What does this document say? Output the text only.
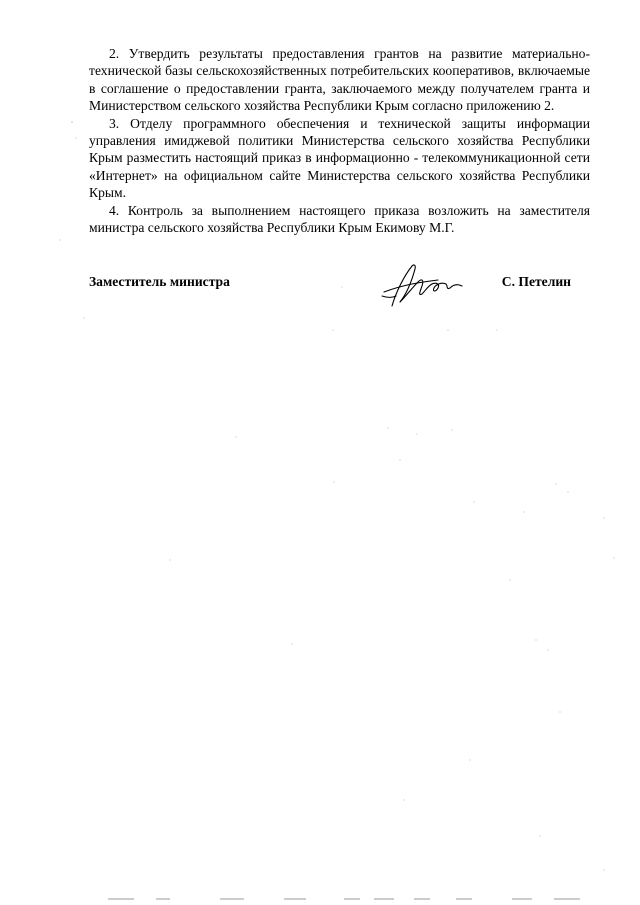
2. Утвердить результаты предоставления грантов на развитие материально-технической базы сельскохозяйственных потребительских кооперативов, включаемые в соглашение о предоставлении гранта, заключаемого между получателем гранта и Министерством сельского хозяйства Республики Крым согласно приложению 2.

3. Отделу программного обеспечения и технической защиты информации управления имиджевой политики Министерства сельского хозяйства Республики Крым разместить настоящий приказ в информационно - телекоммуникационной сети «Интернет» на официальном сайте Министерства сельского хозяйства Республики Крым.

4. Контроль за выполнением настоящего приказа возложить на заместителя министра сельского хозяйства Республики Крым Екимову М.Г.

Заместитель министра	С. Петелин
